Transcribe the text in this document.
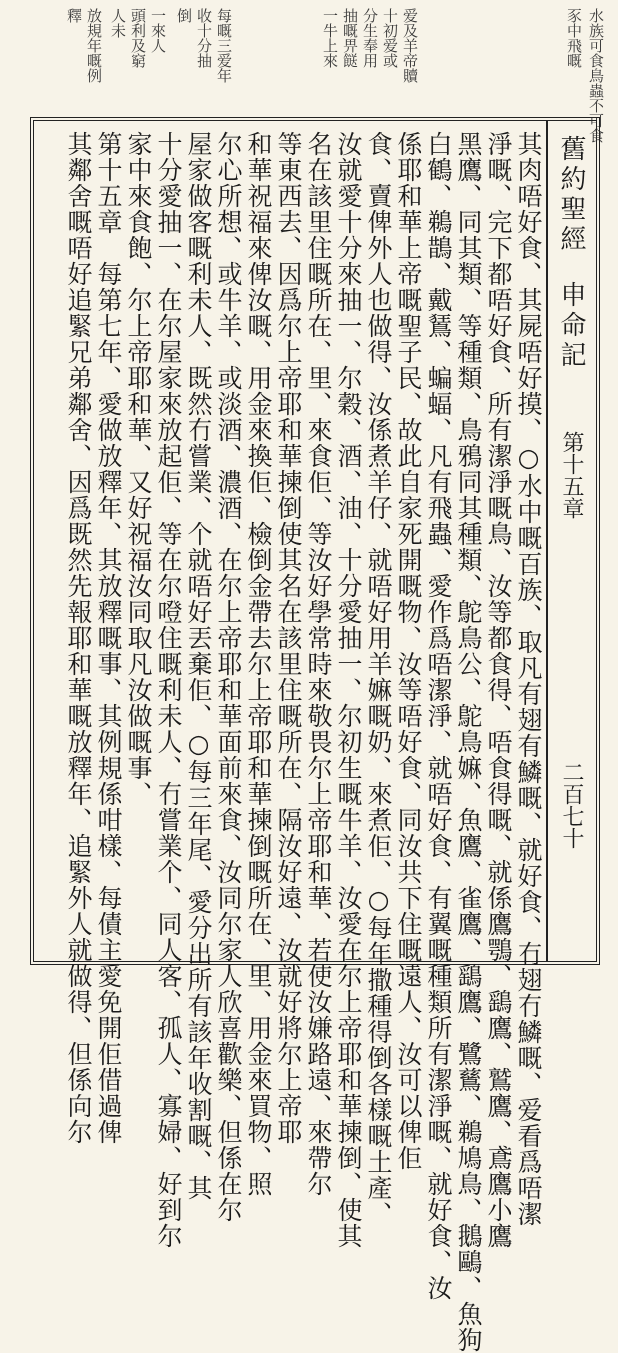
水族可食鳥蟲不可食
豕中飛嘅
爱及羊帝贖
十初爱或
分生奉用
抽嘅畀餸
一牛上來
每嘅三爱年
收十分抽
倒
一來人
頭利及窮
人未
放規年嘅例
釋
舊約聖經
申命記
第十五章
二百七十
其肉唔好食、其屍唔好摸、○水中嘅百族、取凡有翅有鱗嘅、就好食、冇翅冇鱗嘅、爱看爲唔潔
淨嘅、完下都唔好食、所有潔淨嘅鳥、汝等都食得、唔食得嘅、就係鷹鶚、鷂鷹、鷲鷹、鳶鷹小鷹
黑鷹、同其類、等種類、鳥鴉同其種類、鴕鳥公、鴕鳥嫲、魚鷹、雀鷹、鷂鷹、鷺鶿、鵜鳩鳥、鵝鷗、魚狗
白鶴、鵜鵲、戴鵟、蝙蝠、凡有飛蟲、愛作爲唔潔淨、就唔好食、有翼嘅種類所有潔淨嘅、就好食、汝
係耶和華上帝嘅聖子民、故此自家死開嘅物、汝等唔好食、同汝共下住嘅遠人、汝可以俾佢
食、賣俾外人也做得、汝係煮羊仔、就唔好用羊嫲嘅奶、來煮佢、○每年撒種得倒各樣嘅土產、
汝就愛十分來抽一、尔穀、酒、油、十分愛抽一、尔初生嘅牛羊、汝愛在尔上帝耶和華揀倒、使其
名在該里住嘅所在、里、來食佢、等汝好學常時來敬畏尔上帝耶和華、若使汝嫌路遠、來帶尔
等東西去、因爲尔上帝耶和華揀倒使其名在該里住嘅所在、隔汝好遠、汝就好將尔上帝耶
和華祝福來俾汝嘅、用金來換佢、檢倒金帶去尔上帝耶和華揀倒嘅所在、里、用金來買物、照
尔心所想、或牛羊、或淡酒、濃酒、在尔上帝耶和華面前來食、汝同尔家人欣喜歡樂、但係在尔
屋家做客嘅利未人、既然冇嘗業、个就唔好丟棄佢、○每三年尾、愛分出所有該年收割嘅、其
十分愛抽一、在尔屋家來放起佢、等在尔噔住嘅利未人、冇嘗業个、同人客、孤人、寡婦、好到尔
家中來食飽、尔上帝耶和華、又好祝福汝同取凡汝做嘅事、
第十五章　每第七年、愛做放釋年、其放釋嘅事、其例規係咁樣、每債主愛免開佢借過俾
其鄰舍嘅唔好追緊兄弟鄰舍、因爲既然先報耶和華嘅放釋年、追緊外人就做得、但係向尔
